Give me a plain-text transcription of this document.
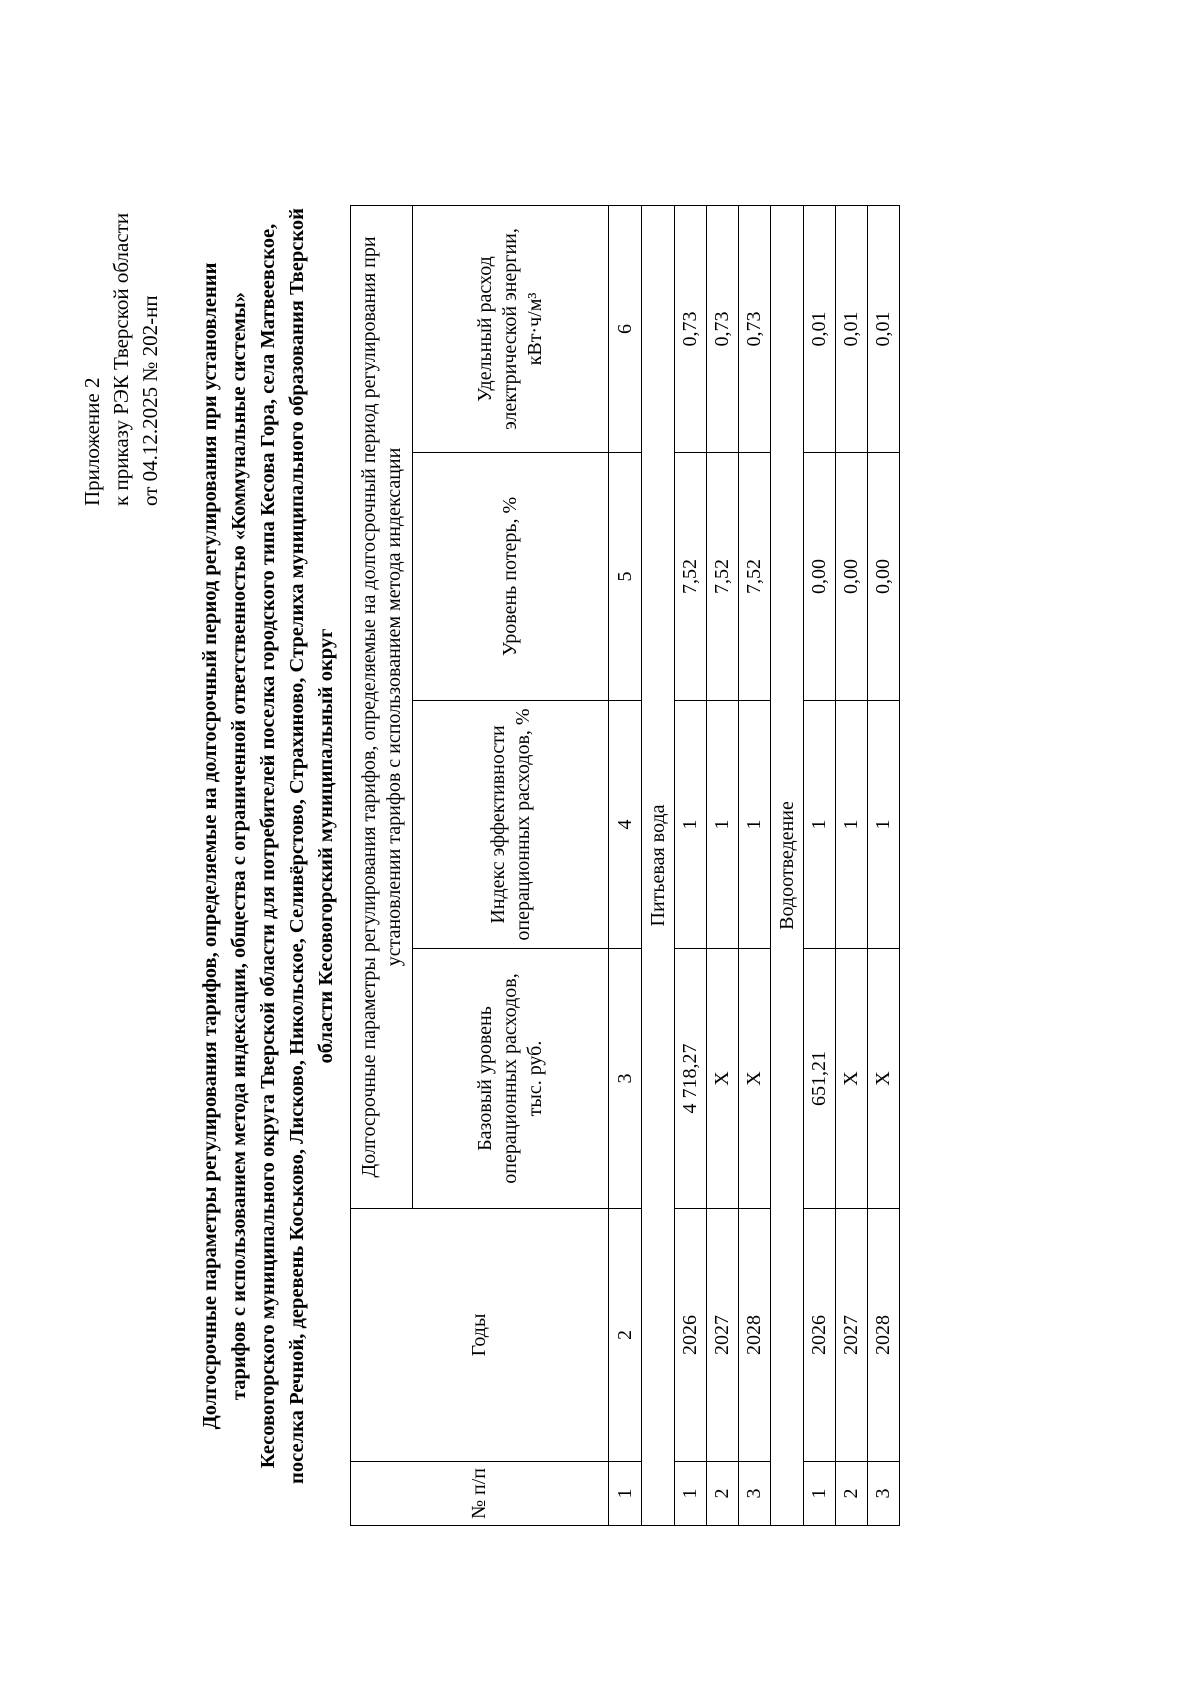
Приложение 2 к приказу РЭК Тверской области от 04.12.2025 № 202-нп Долгосрочные параметры регулирования тарифов, определяемые на долгосрочный период регулирования при установлении тарифов с использованием метода индексации, общества с ограниченной ответственностью «Коммунальные системы» Кесовогорского муниципального округа Тверской области для потребителей поселка городского типа Кесова Гора, села Матвеевское, поселка Речной, деревень Коськово, Лисково, Никольское, Селивёрстово, Страхиново, Стрелиха муниципального образования Тверской области Кесовогорский муниципальный округ
№ п/п	Годы	Долгосрочные параметры регулирования тарифов, определяемые на долгосрочный период регулирования при установлении тарифов с использованием метода индексации			
		Базовый уровень операционных расходов, тыс. руб.	Индекс эффективности операционных расходов, %	Уровень потерь, %	Удельный расход электрической энергии, кВт·ч/м³
1	2	3	4	5	6
Питьевая вода					
1	2026	4 718,27	1	7,52	0,73
2	2027	Х	1	7,52	0,73
3	2028	Х	1	7,52	0,73
Водоотведение					
1	2026	651,21	1	0,00	0,01
2	2027	Х	1	0,00	0,01
3	2028	Х	1	0,00	0,01
